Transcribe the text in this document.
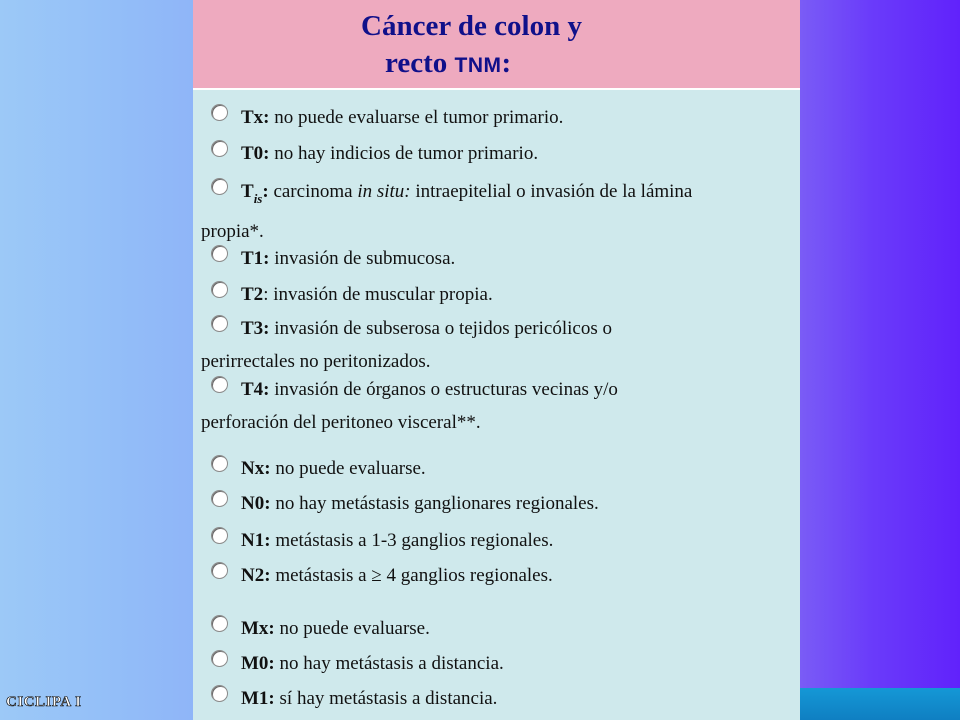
Cáncer de colon y
recto TNM:
Tx: no puede evaluarse el tumor primario.
T0: no hay indicios de tumor primario.
$T_{is}$: carcinoma in situ: intraepitelial o invasión de la lámina
propia*.
T1: invasión de submucosa.
T2: invasión de muscular propia.
T3: invasión de subserosa o tejidos pericólicos o
perirrectales no peritonizados.
T4: invasión de órganos o estructuras vecinas y/o
perforación del peritoneo visceral**.
Nx: no puede evaluarse.
N0: no hay metástasis ganglionares regionales.
N1: metástasis a 1-3 ganglios regionales.
N2: metástasis a ≥ 4 ganglios regionales.
Mx: no puede evaluarse.
M0: no hay metástasis a distancia.
M1: sí hay metástasis a distancia.
CICLIPA I
